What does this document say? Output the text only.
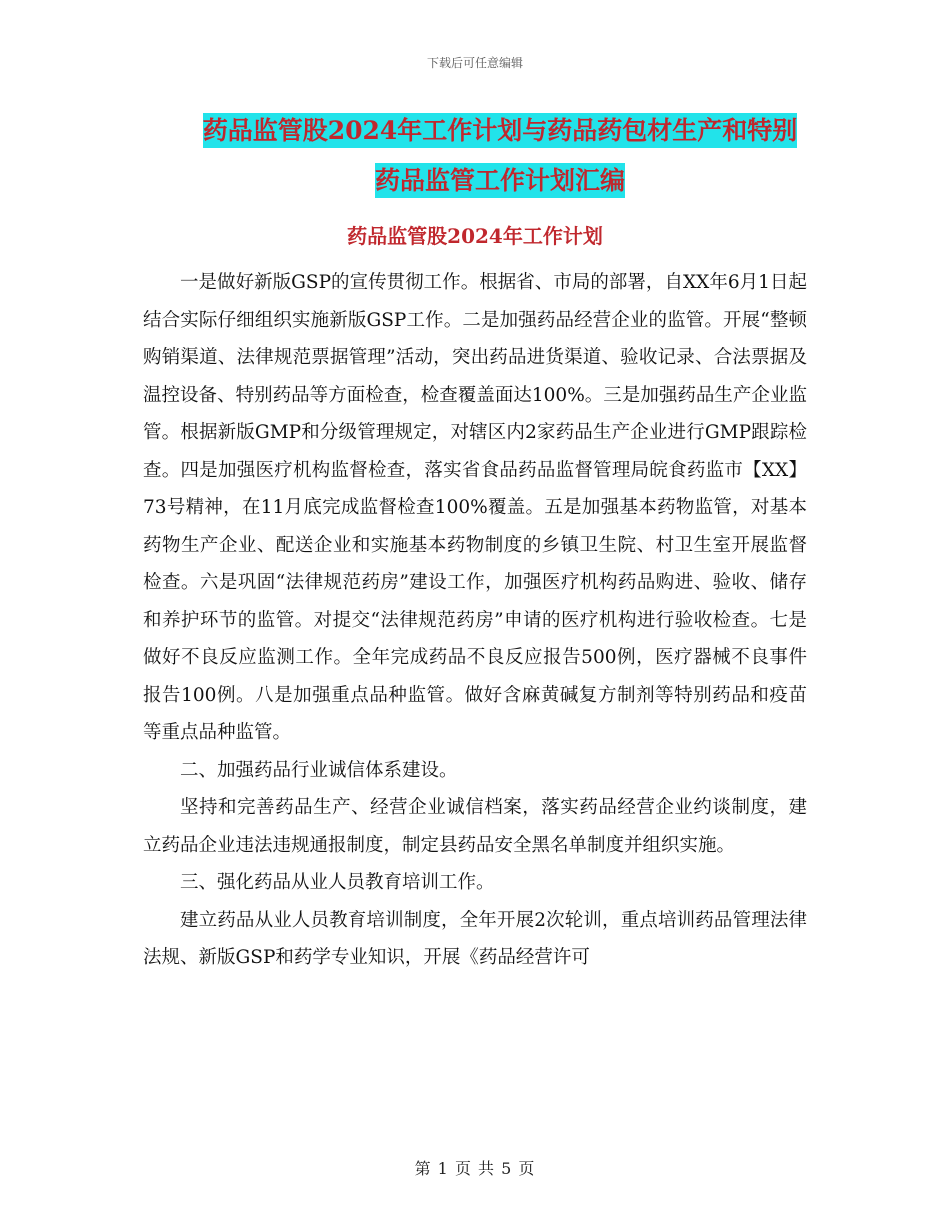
下载后可任意编辑
药品监管股2024年工作计划与药品药包材生产和特别
药品监管工作计划汇编
药品监管股2024年工作计划

一是做好新版GSP的宣传贯彻工作。根据省、市局的部署，自XX年6月1日起结合实际仔细组织实施新版GSP工作。二是加强药品经营企业的监管。开展“整顿购销渠道、法律规范票据管理”活动，突出药品进货渠道、验收记录、合法票据及温控设备、特别药品等方面检查，检查覆盖面达100%。三是加强药品生产企业监管。根据新版GMP和分级管理规定，对辖区内2家药品生产企业进行GMP跟踪检查。四是加强医疗机构监督检查，落实省食品药品监督管理局皖食药监市【XX】73号精神，在11月底完成监督检查100%覆盖。五是加强基本药物监管，对基本药物生产企业、配送企业和实施基本药物制度的乡镇卫生院、村卫生室开展监督检查。六是巩固“法律规范药房”建设工作，加强医疗机构药品购进、验收、储存和养护环节的监管。对提交“法律规范药房”申请的医疗机构进行验收检查。七是做好不良反应监测工作。全年完成药品不良反应报告500例，医疗器械不良事件报告100例。八是加强重点品种监管。做好含麻黄碱复方制剂等特别药品和疫苗等重点品种监管。

二、加强药品行业诚信体系建设。

坚持和完善药品生产、经营企业诚信档案，落实药品经营企业约谈制度，建立药品企业违法违规通报制度，制定县药品安全黑名单制度并组织实施。

三、强化药品从业人员教育培训工作。

建立药品从业人员教育培训制度，全年开展2次轮训，重点培训药品管理法律法规、新版GSP和药学专业知识，开展《药品经营许可

第 1 页 共 5 页
